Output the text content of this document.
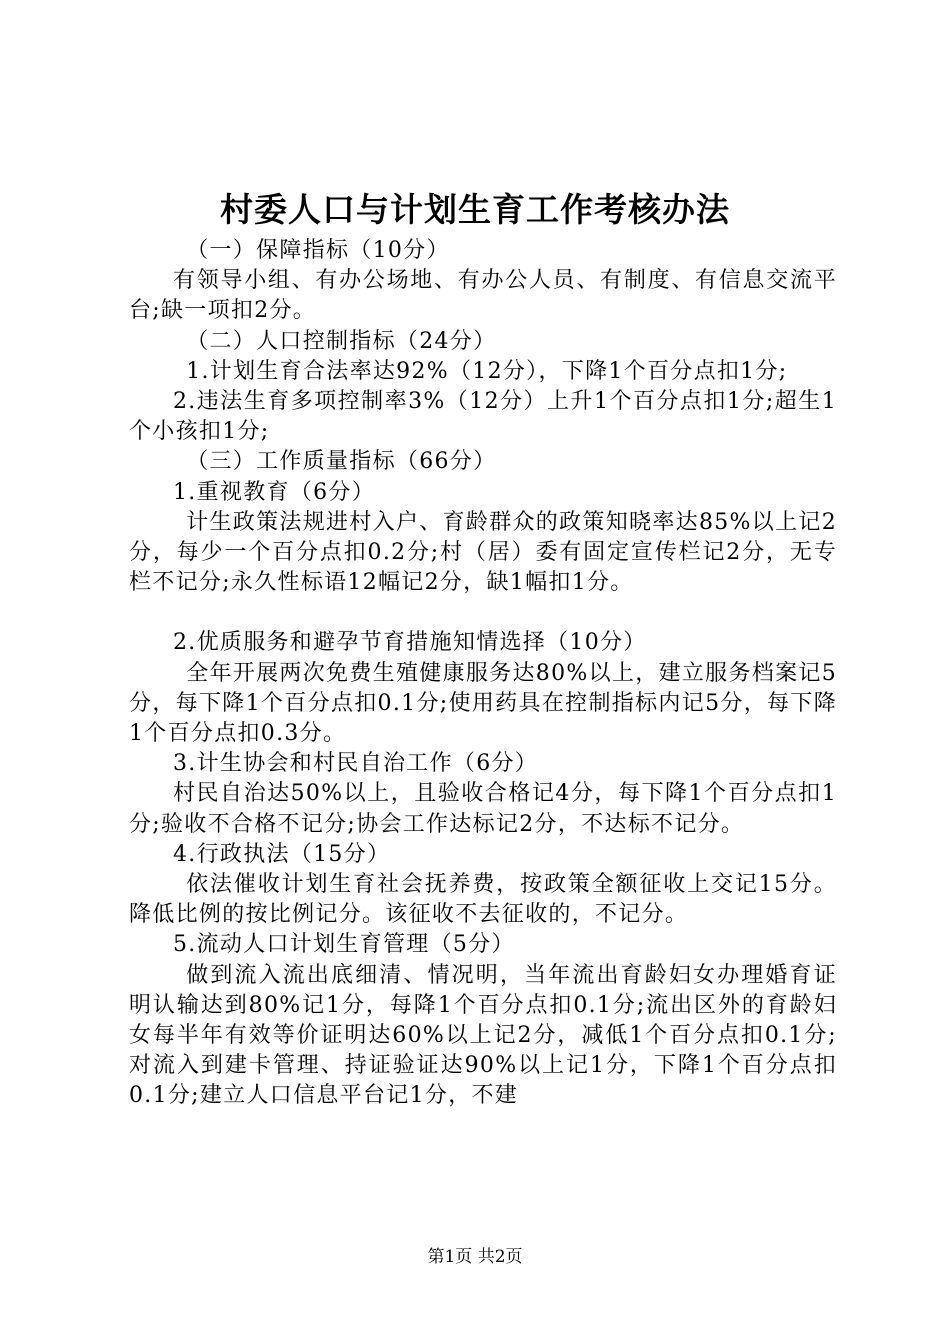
村委人口与计划生育工作考核办法

（一）保障指标（10分）

有领导小组、有办公场地、有办公人员、有制度、有信息交流平台;缺一项扣2分。

（二）人口控制指标（24分）

1.计划生育合法率达92%（12分），下降1个百分点扣1分;

2.违法生育多项控制率3%（12分）上升1个百分点扣1分;超生1个小孩扣1分;

（三）工作质量指标（66分）

1.重视教育（6分）

计生政策法规进村入户、育龄群众的政策知晓率达85%以上记2分，每少一个百分点扣0.2分;村（居）委有固定宣传栏记2分，无专栏不记分;永久性标语12幅记2分，缺1幅扣1分。

2.优质服务和避孕节育措施知情选择（10分）

全年开展两次免费生殖健康服务达80%以上，建立服务档案记5分，每下降1个百分点扣0.1分;使用药具在控制指标内记5分，每下降1个百分点扣0.3分。

3.计生协会和村民自治工作（6分）

村民自治达50%以上，且验收合格记4分，每下降1个百分点扣1分;验收不合格不记分;协会工作达标记2分，不达标不记分。

4.行政执法（15分）

依法催收计划生育社会抚养费，按政策全额征收上交记15分。降低比例的按比例记分。该征收不去征收的，不记分。

5.流动人口计划生育管理（5分）

做到流入流出底细清、情况明，当年流出育龄妇女办理婚育证明认输达到80%记1分，每降1个百分点扣0.1分;流出区外的育龄妇女每半年有效等价证明达60%以上记2分，减低1个百分点扣0.1分;对流入到建卡管理、持证验证达90%以上记1分，下降1个百分点扣0.1分;建立人口信息平台记1分，不建

第1页 共2页
